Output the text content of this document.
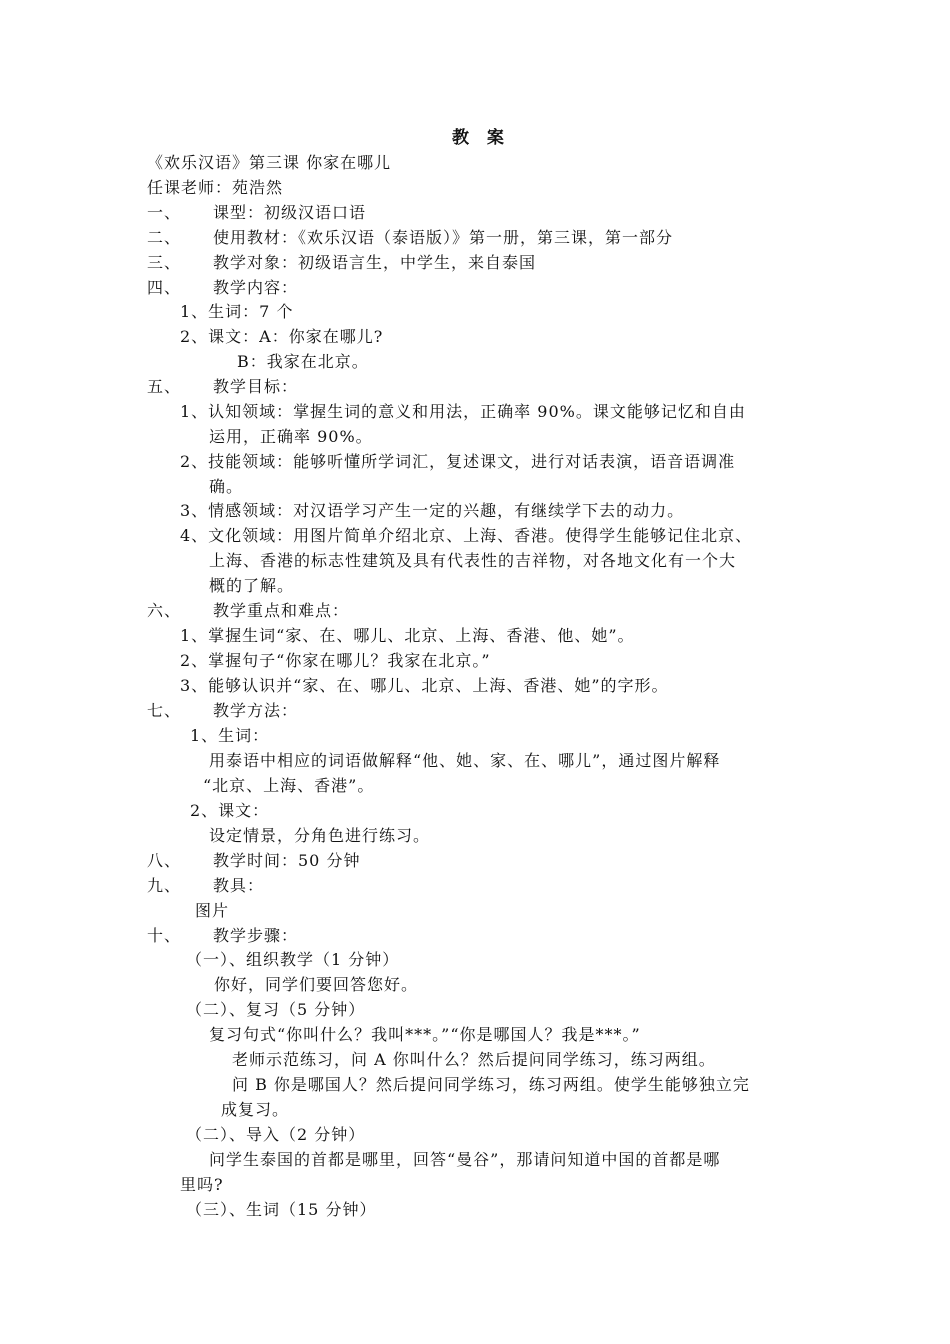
教 案
《欢乐汉语》第三课 你家在哪儿
任课老师：苑浩然
一、 课型：初级汉语口语
二、 使用教材：《欢乐汉语（泰语版）》第一册，第三课，第一部分
三、 教学对象：初级语言生，中学生，来自泰国
四、 教学内容：
1、生词：7 个
2、课文：A：你家在哪儿?
B：我家在北京。
五、 教学目标：
1、认知领域：掌握生词的意义和用法，正确率 90%。课文能够记忆和自由
运用，正确率 90%。
2、技能领域：能够听懂所学词汇，复述课文，进行对话表演，语音语调准
确。
3、情感领域：对汉语学习产生一定的兴趣，有继续学下去的动力。
4、文化领域：用图片简单介绍北京、上海、香港。使得学生能够记住北京、
上海、香港的标志性建筑及具有代表性的吉祥物，对各地文化有一个大
概的了解。
六、 教学重点和难点：
1、掌握生词“家、在、哪儿、北京、上海、香港、他、她”。
2、掌握句子“你家在哪儿？我家在北京。”
3、能够认识并“家、在、哪儿、北京、上海、香港、她”的字形。
七、 教学方法：
1、生词：
用泰语中相应的词语做解释“他、她、家、在、哪儿”，通过图片解释
“北京、上海、香港”。
2、课文：
设定情景，分角色进行练习。
八、 教学时间：50 分钟
九、 教具：
图片
十、 教学步骤：
（一）、组织教学（1 分钟）
你好，同学们要回答您好。
（二）、复习（5 分钟）
复习句式“你叫什么？我叫***。”“你是哪国人？我是***。”
老师示范练习，问 A 你叫什么？然后提问同学练习，练习两组。
问 B 你是哪国人？然后提问同学练习，练习两组。使学生能够独立完
成复习。
（二）、导入（2 分钟）
问学生泰国的首都是哪里，回答“曼谷”，那请问知道中国的首都是哪
里吗?
（三）、生词（15 分钟）
